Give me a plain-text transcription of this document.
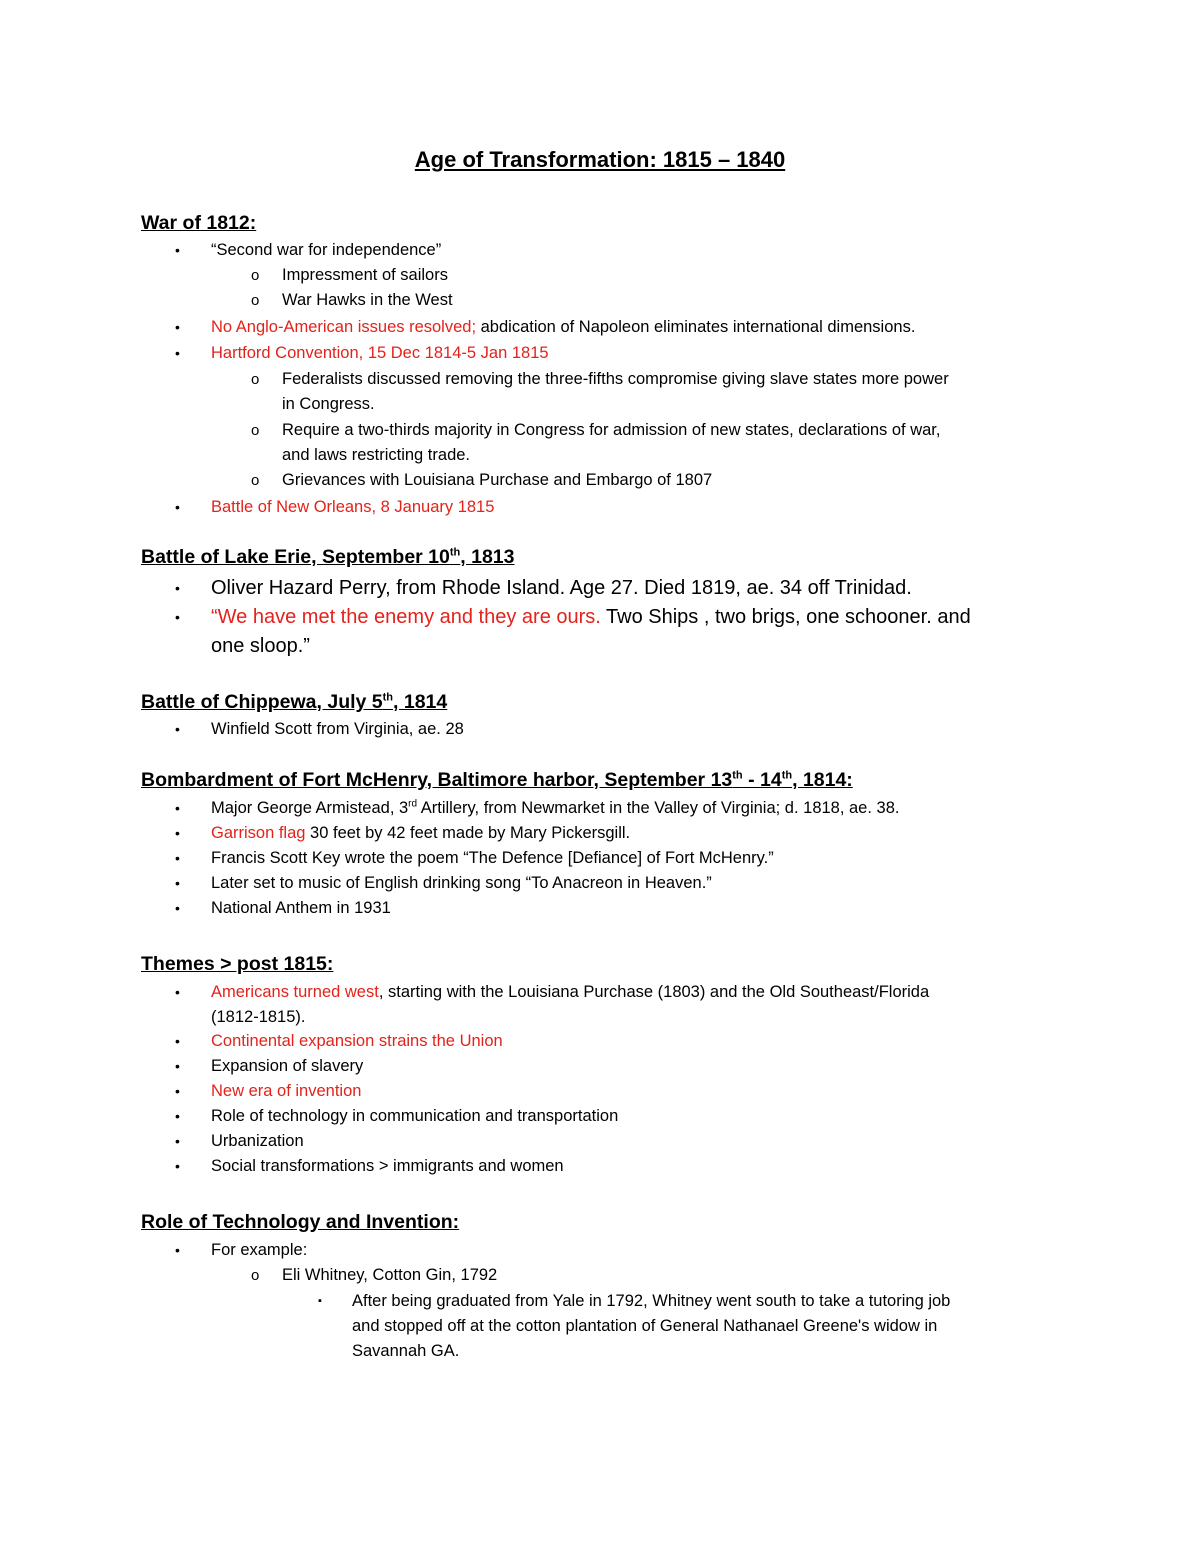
Age of Transformation: 1815 – 1840
War of 1812:
• “Second war for independence”
o Impressment of sailors
o War Hawks in the West
• No Anglo-American issues resolved; abdication of Napoleon eliminates international dimensions.
• Hartford Convention, 15 Dec 1814-5 Jan 1815
o Federalists discussed removing the three-fifths compromise giving slave states more power
in Congress.
o Require a two-thirds majority in Congress for admission of new states, declarations of war,
and laws restricting trade.
o Grievances with Louisiana Purchase and Embargo of 1807
• Battle of New Orleans, 8 January 1815
Battle of Lake Erie, September 10th, 1813
• Oliver Hazard Perry, from Rhode Island. Age 27. Died 1819, ae. 34 off Trinidad.
• “We have met the enemy and they are ours. Two Ships , two brigs, one schooner. and
one sloop.”
Battle of Chippewa, July 5th, 1814
• Winfield Scott from Virginia, ae. 28
Bombardment of Fort McHenry, Baltimore harbor, September 13th - 14th, 1814:
• Major George Armistead, 3rd Artillery, from Newmarket in the Valley of Virginia; d. 1818, ae. 38.
• Garrison flag 30 feet by 42 feet made by Mary Pickersgill.
• Francis Scott Key wrote the poem “The Defence [Defiance] of Fort McHenry.”
• Later set to music of English drinking song “To Anacreon in Heaven.”
• National Anthem in 1931
Themes > post 1815:
• Americans turned west, starting with the Louisiana Purchase (1803) and the Old Southeast/Florida
(1812-1815).
• Continental expansion strains the Union
• Expansion of slavery
• New era of invention
• Role of technology in communication and transportation
• Urbanization
• Social transformations > immigrants and women
Role of Technology and Invention:
• For example:
o Eli Whitney, Cotton Gin, 1792
▪ After being graduated from Yale in 1792, Whitney went south to take a tutoring job
and stopped off at the cotton plantation of General Nathanael Greene's widow in
Savannah GA.
